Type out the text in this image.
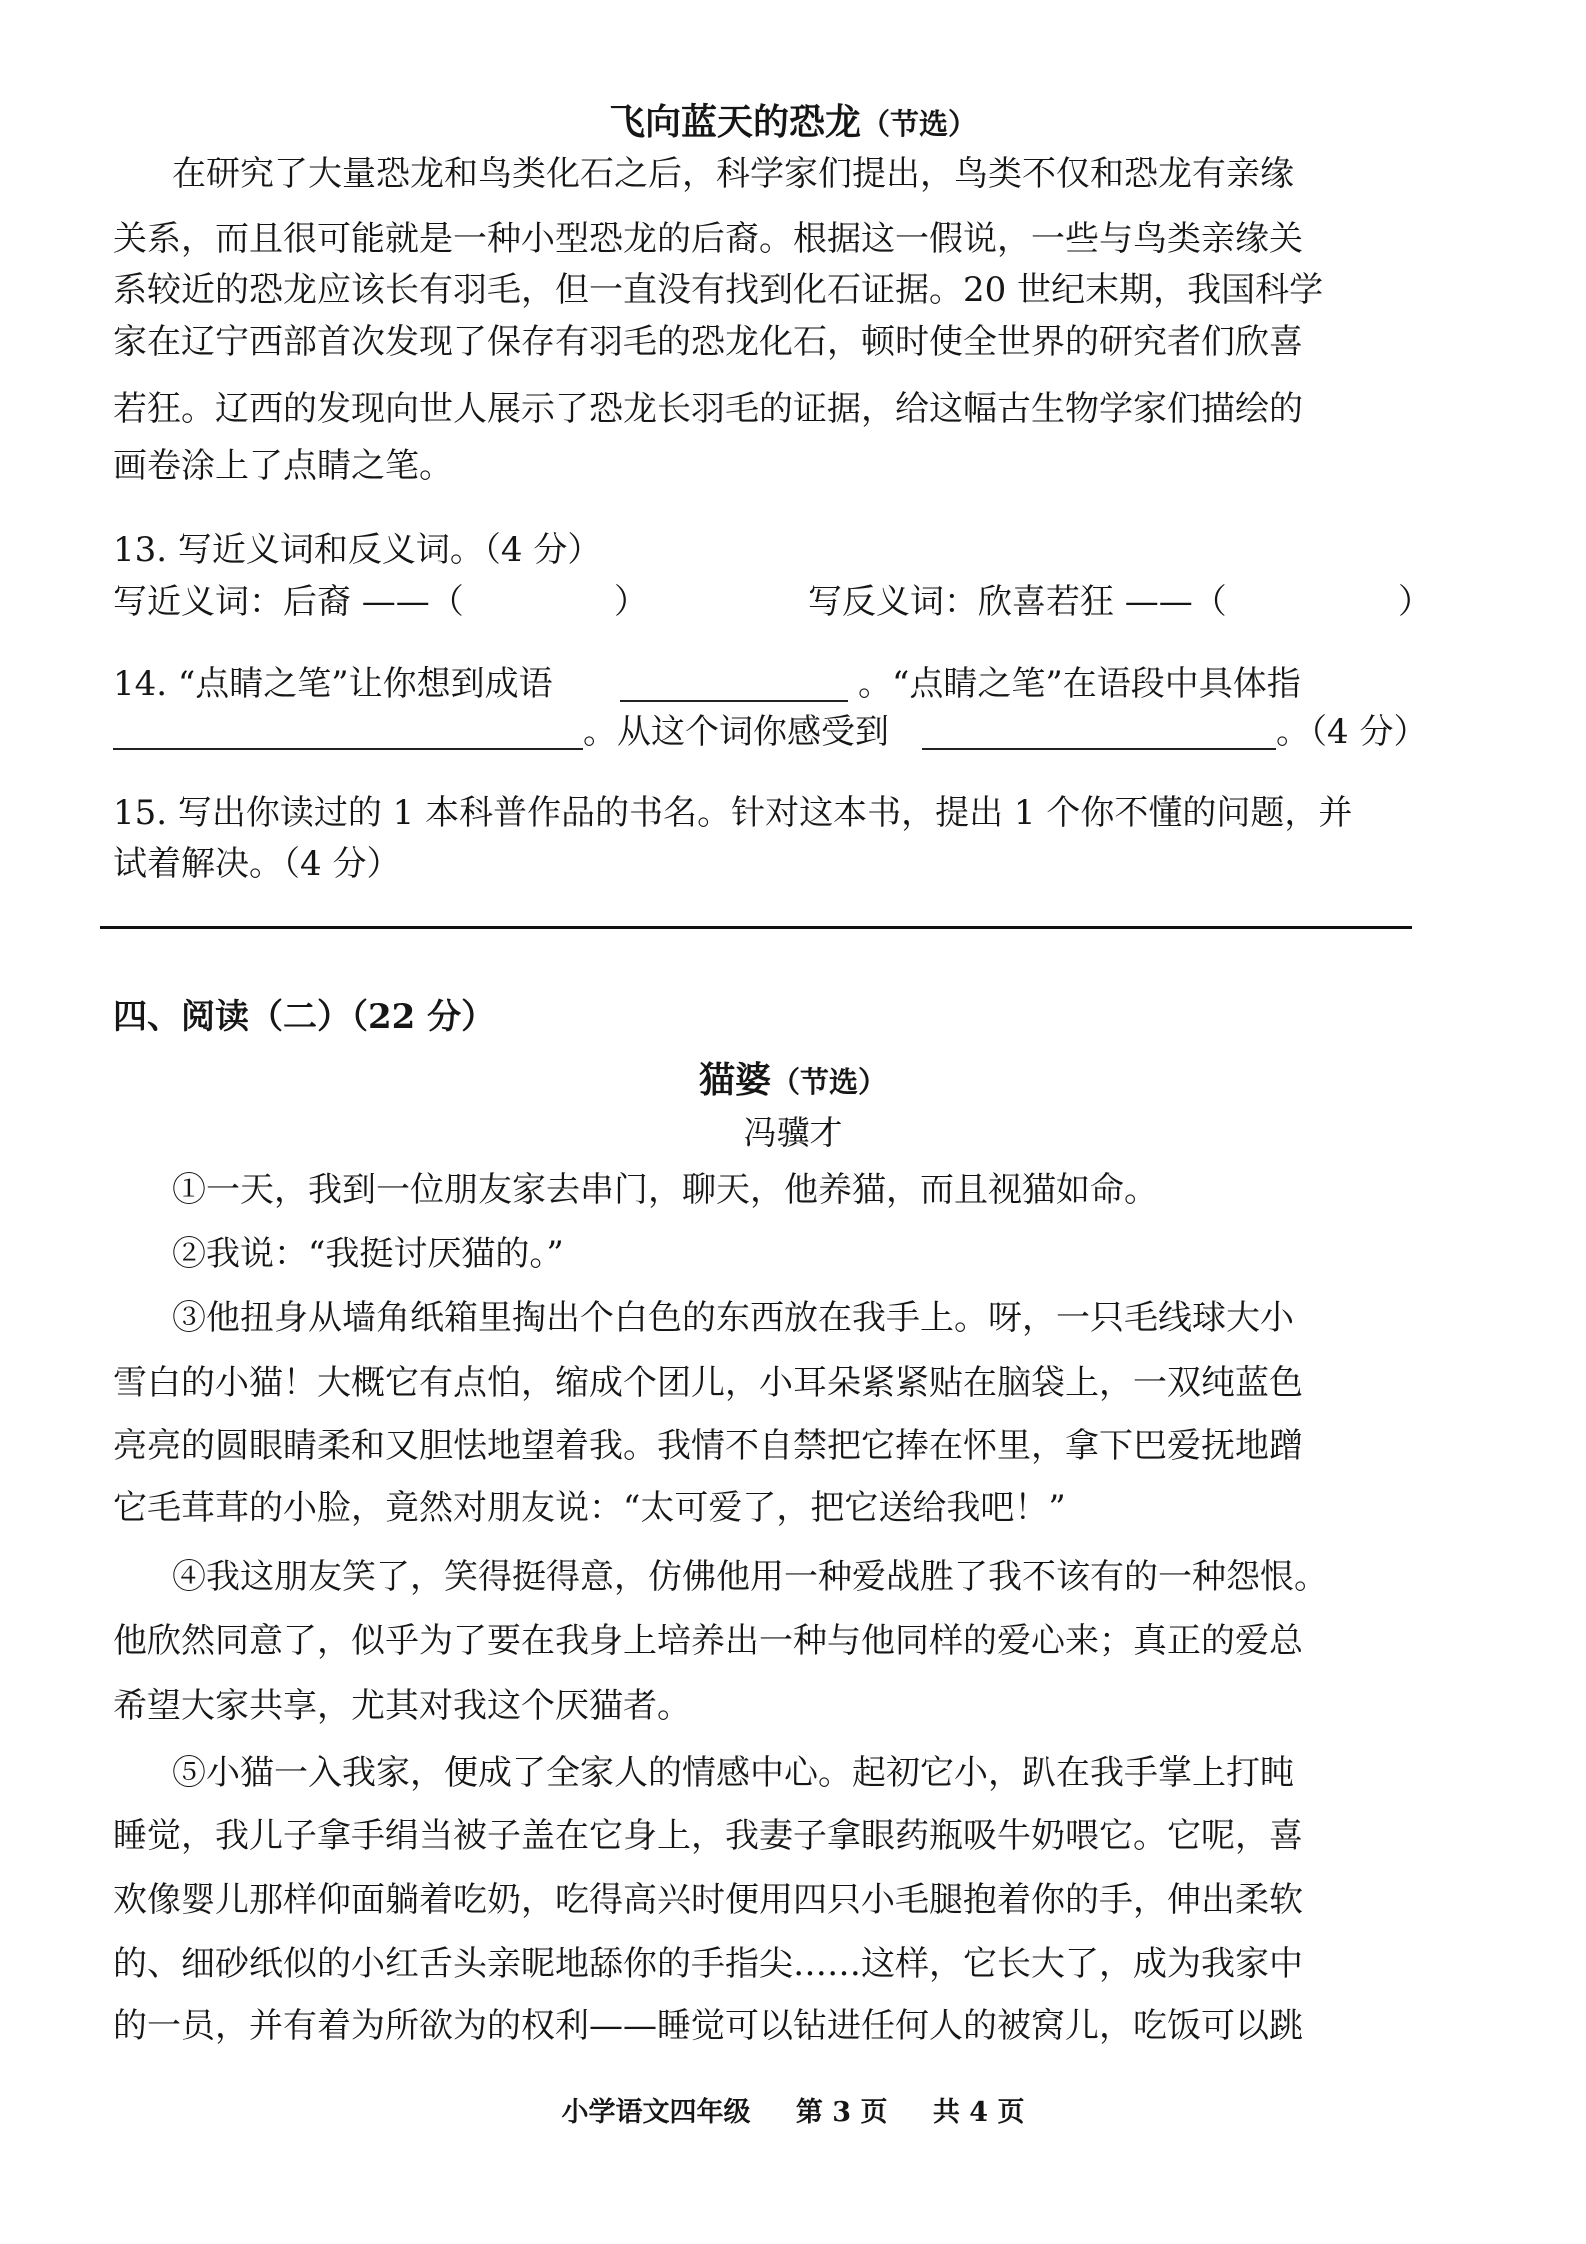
飞向蓝天的恐龙（节选）
在研究了大量恐龙和鸟类化石之后，科学家们提出，鸟类不仅和恐龙有亲缘
关系，而且很可能就是一种小型恐龙的后裔。根据这一假说，一些与鸟类亲缘关
系较近的恐龙应该长有羽毛，但一直没有找到化石证据。20 世纪末期，我国科学
家在辽宁西部首次发现了保存有羽毛的恐龙化石，顿时使全世界的研究者们欣喜
若狂。辽西的发现向世人展示了恐龙长羽毛的证据，给这幅古生物学家们描绘的
画卷涂上了点睛之笔。
13. 写近义词和反义词。（4 分）
写近义词：后裔 ——（	）	写反义词：欣喜若狂 ——（	）
14. “点睛之笔”让你想到成语	。“点睛之笔”在语段中具体指
。从这个词你感受到	。（4 分）
15. 写出你读过的 1 本科普作品的书名。针对这本书，提出 1 个你不懂的问题，并
试着解决。（4 分）
四、阅读（二）（22 分）
猫婆（节选）
冯骥才
①一天，我到一位朋友家去串门，聊天，他养猫，而且视猫如命。
②我说：“我挺讨厌猫的。”
③他扭身从墙角纸箱里掏出个白色的东西放在我手上。呀，一只毛线球大小
雪白的小猫！大概它有点怕，缩成个团儿，小耳朵紧紧贴在脑袋上，一双纯蓝色
亮亮的圆眼睛柔和又胆怯地望着我。我情不自禁把它捧在怀里，拿下巴爱抚地蹭
它毛茸茸的小脸，竟然对朋友说：“太可爱了，把它送给我吧！”
④我这朋友笑了，笑得挺得意，仿佛他用一种爱战胜了我不该有的一种怨恨。
他欣然同意了，似乎为了要在我身上培养出一种与他同样的爱心来；真正的爱总
希望大家共享，尤其对我这个厌猫者。
⑤小猫一入我家，便成了全家人的情感中心。起初它小，趴在我手掌上打盹
睡觉，我儿子拿手绢当被子盖在它身上，我妻子拿眼药瓶吸牛奶喂它。它呢，喜
欢像婴儿那样仰面躺着吃奶，吃得高兴时便用四只小毛腿抱着你的手，伸出柔软
的、细砂纸似的小红舌头亲昵地舔你的手指尖……这样，它长大了，成为我家中
的一员，并有着为所欲为的权利——睡觉可以钻进任何人的被窝儿，吃饭可以跳
小学语文四年级 第 3 页 共 4 页
